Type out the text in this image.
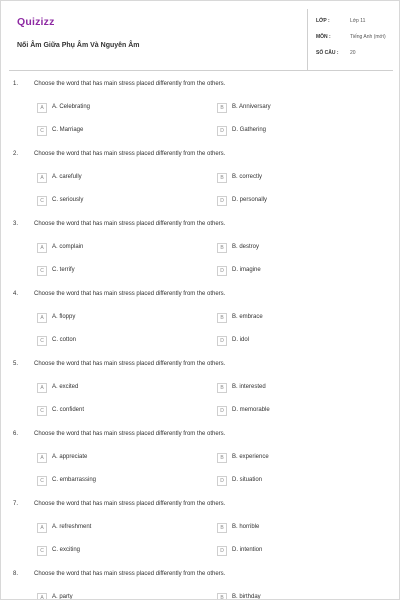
Quizizz
Nối Âm Giữa Phụ Âm Và Nguyên Âm
LỚP :	Lớp 11
MÔN :	Tiếng Anh (mới)
SỐ CÂU :	20
1.	Choose the word that has main stress placed differently from the others.
A	A. Celebrating	B	B. Anniversary
C	C. Marriage	D	D. Gathering
2.	Choose the word that has main stress placed differently from the others.
A	A. carefully	B	B. correctly
C	C. seriously	D	D. personally
3.	Choose the word that has main stress placed differently from the others.
A	A. complain	B	B. destroy
C	C. terrify	D	D. imagine
4.	Choose the word that has main stress placed differently from the others.
A	A. floppy	B	B. embrace
C	C. cotton	D	D. idol
5.	Choose the word that has main stress placed differently from the others.
A	A. excited	B	B. interested
C	C. confident	D	D. memorable
6.	Choose the word that has main stress placed differently from the others.
A	A. appreciate	B	B. experience
C	C. embarrassing	D	D. situation
7.	Choose the word that has main stress placed differently from the others.
A	A. refreshment	B	B. horrible
C	C. exciting	D	D. intention
8.	Choose the word that has main stress placed differently from the others.
A	A. party	B	B. birthday
